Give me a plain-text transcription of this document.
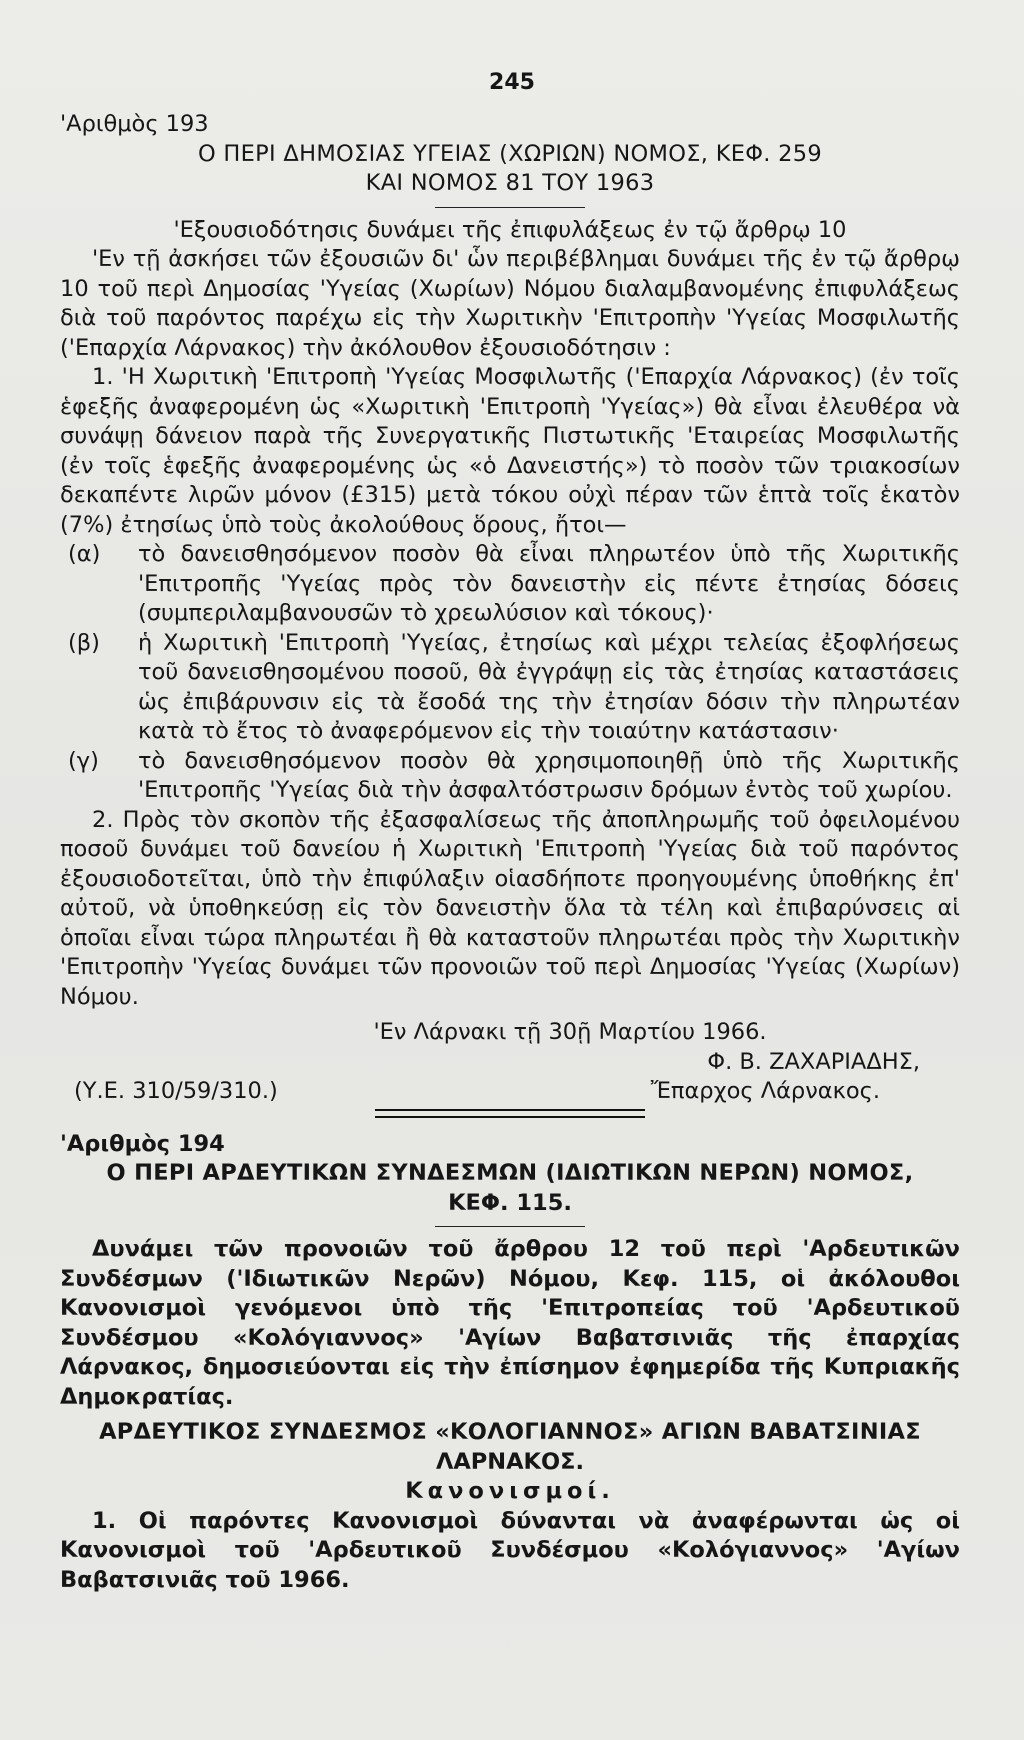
245

'Αριθμὸς 193

Ο ΠΕΡΙ ΔΗΜΟΣΙΑΣ ΥΓΕΙΑΣ (ΧΩΡΙΩΝ) ΝΟΜΟΣ, ΚΕΦ. 259

ΚΑΙ ΝΟΜΟΣ 81 ΤΟΥ 1963

'Εξουσιοδότησις δυνάμει τῆς ἐπιφυλάξεως ἐν τῷ ἄρθρῳ 10

'Εν τῇ ἀσκήσει τῶν ἐξουσιῶν δι' ὧν περιβέβλημαι δυνάμει τῆς ἐν τῷ ἄρθρῳ 10 τοῦ περὶ Δημοσίας 'Υγείας (Χωρίων) Νόμου διαλαμβανομένης ἐπιφυλάξεως διὰ τοῦ παρόντος παρέχω εἰς τὴν Χωριτικὴν 'Επιτροπὴν 'Υγείας Μοσφιλωτῆς ('Επαρχία Λάρνακος) τὴν ἀκόλουθον ἐξουσιοδότησιν :

1. 'Η Χωριτικὴ 'Επιτροπὴ 'Υγείας Μοσφιλωτῆς ('Επαρχία Λάρνακος) (ἐν τοῖς ἑφεξῆς ἀναφερομένη ὡς «Χωριτικὴ 'Επιτροπὴ 'Υγείας») θὰ εἶναι ἐλευθέρα νὰ συνάψῃ δάνειον παρὰ τῆς Συνεργατικῆς Πιστωτικῆς 'Εταιρείας Μοσφιλωτῆς (ἐν τοῖς ἑφεξῆς ἀναφερομένης ὡς «ὁ Δανειστής») τὸ ποσὸν τῶν τριακοσίων δεκαπέντε λιρῶν μόνον (£315) μετὰ τόκου οὐχὶ πέραν τῶν ἑπτὰ τοῖς ἑκατὸν (7%) ἐτησίως ὑπὸ τοὺς ἀκολούθους ὅρους, ἤτοι—

(α)	τὸ δανεισθησόμενον ποσὸν θὰ εἶναι πληρωτέον ὑπὸ τῆς Χωριτικῆς 'Επιτροπῆς 'Υγείας πρὸς τὸν δανειστὴν εἰς πέντε ἐτησίας δόσεις (συμπεριλαμβανουσῶν τὸ χρεωλύσιον καὶ τόκους)·
(β)	ἡ Χωριτικὴ 'Επιτροπὴ 'Υγείας, ἐτησίως καὶ μέχρι τελείας ἐξοφλήσεως τοῦ δανεισθησομένου ποσοῦ, θὰ ἐγγράψῃ εἰς τὰς ἐτησίας καταστάσεις ὡς ἐπιβάρυνσιν εἰς τὰ ἔσοδά της τὴν ἐτησίαν δόσιν τὴν πληρωτέαν κατὰ τὸ ἔτος τὸ ἀναφερόμενον εἰς τὴν τοιαύτην κατάστασιν·
(γ)	τὸ δανεισθησόμενον ποσὸν θὰ χρησιμοποιηθῇ ὑπὸ τῆς Χωριτικῆς 'Επιτροπῆς 'Υγείας διὰ τὴν ἀσφαλτόστρωσιν δρόμων ἐντὸς τοῦ χωρίου.

2. Πρὸς τὸν σκοπὸν τῆς ἐξασφαλίσεως τῆς ἀποπληρωμῆς τοῦ ὀφειλομένου ποσοῦ δυνάμει τοῦ δανείου ἡ Χωριτικὴ 'Επιτροπὴ 'Υγείας διὰ τοῦ παρόντος ἐξουσιοδοτεῖται, ὑπὸ τὴν ἐπιφύλαξιν οἱασδήποτε προηγουμένης ὑποθήκης ἐπ' αὐτοῦ, νὰ ὑποθηκεύσῃ εἰς τὸν δανειστὴν ὅλα τὰ τέλη καὶ ἐπιβαρύνσεις αἱ ὁποῖαι εἶναι τώρα πληρωτέαι ἢ θὰ καταστοῦν πληρωτέαι πρὸς τὴν Χωριτικὴν 'Επιτροπὴν 'Υγείας δυνάμει τῶν προνοιῶν τοῦ περὶ Δημοσίας 'Υγείας (Χωρίων) Νόμου.

'Εν Λάρνακι τῇ 30ῇ Μαρτίου 1966.

Φ. Β. ΖΑΧΑΡΙΑΔΗΣ,

(Υ.Ε. 310/59/310.)	Ἔπαρχος Λάρνακος.

'Αριθμὸς 194

Ο ΠΕΡΙ ΑΡΔΕΥΤΙΚΩΝ ΣΥΝΔΕΣΜΩΝ (ΙΔΙΩΤΙΚΩΝ ΝΕΡΩΝ) ΝΟΜΟΣ,

ΚΕΦ. 115.

Δυνάμει τῶν προνοιῶν τοῦ ἄρθρου 12 τοῦ περὶ 'Αρδευτικῶν Συνδέσμων ('Ιδιωτικῶν Νερῶν) Νόμου, Κεφ. 115, οἱ ἀκόλουθοι Κανονισμοὶ γενόμενοι ὑπὸ τῆς 'Επιτροπείας τοῦ 'Αρδευτικοῦ Συνδέσμου «Κολόγιαννος» 'Αγίων Βαβατσινιᾶς τῆς ἐπαρχίας Λάρνακος, δημοσιεύονται εἰς τὴν ἐπίσημον ἐφημερίδα τῆς Κυπριακῆς Δημοκρατίας.

ΑΡΔΕΥΤΙΚΟΣ ΣΥΝΔΕΣΜΟΣ «ΚΟΛΟΓΙΑΝΝΟΣ» ΑΓΙΩΝ ΒΑΒΑΤΣΙΝΙΑΣ

ΛΑΡΝΑΚΟΣ.

Κανονισμοί.

1. Οἱ παρόντες Κανονισμοὶ δύνανται νὰ ἀναφέρωνται ὡς οἱ Κανονισμοὶ τοῦ 'Αρδευτικοῦ Συνδέσμου «Κολόγιαννος» 'Αγίων Βαβατσινιᾶς τοῦ 1966.
